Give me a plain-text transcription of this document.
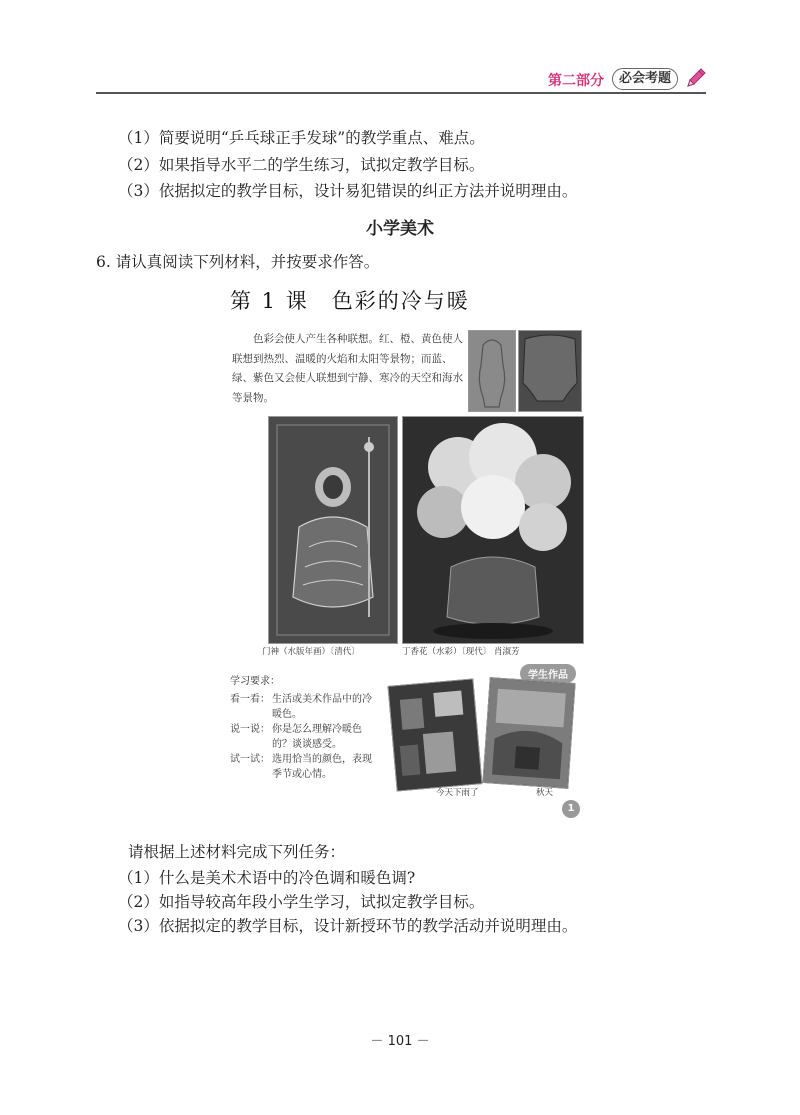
第二部分	必会考题
（1）简要说明“乒乓球正手发球”的教学重点、难点。
（2）如果指导水平二的学生练习，试拟定教学目标。
（3）依据拟定的教学目标，设计易犯错误的纠正方法并说明理由。
小学美术
6. 请认真阅读下列材料，并按要求作答。
第 1 课　色彩的冷与暖
色彩会使人产生各种联想。红、橙、黄色使人联想到热烈、温暖的火焰和太阳等景物；而蓝、绿、紫色又会使人联想到宁静、寒冷的天空和海水等景物。
门神（水版年画）〔清代〕	丁香花（水彩）〔现代〕 肖淑芳
学习要求：
看一看： 生活或美术作品中的冷暖色。
说一说： 你是怎么理解冷暖色的？谈谈感受。
试一试： 选用恰当的颜色，表现季节或心情。
学生作品
今天下雨了	秋天
1
请根据上述材料完成下列任务：
（1）什么是美术术语中的冷色调和暖色调?
（2）如指导较高年段小学生学习，试拟定教学目标。
（3）依据拟定的教学目标，设计新授环节的教学活动并说明理由。
－ 101 －
